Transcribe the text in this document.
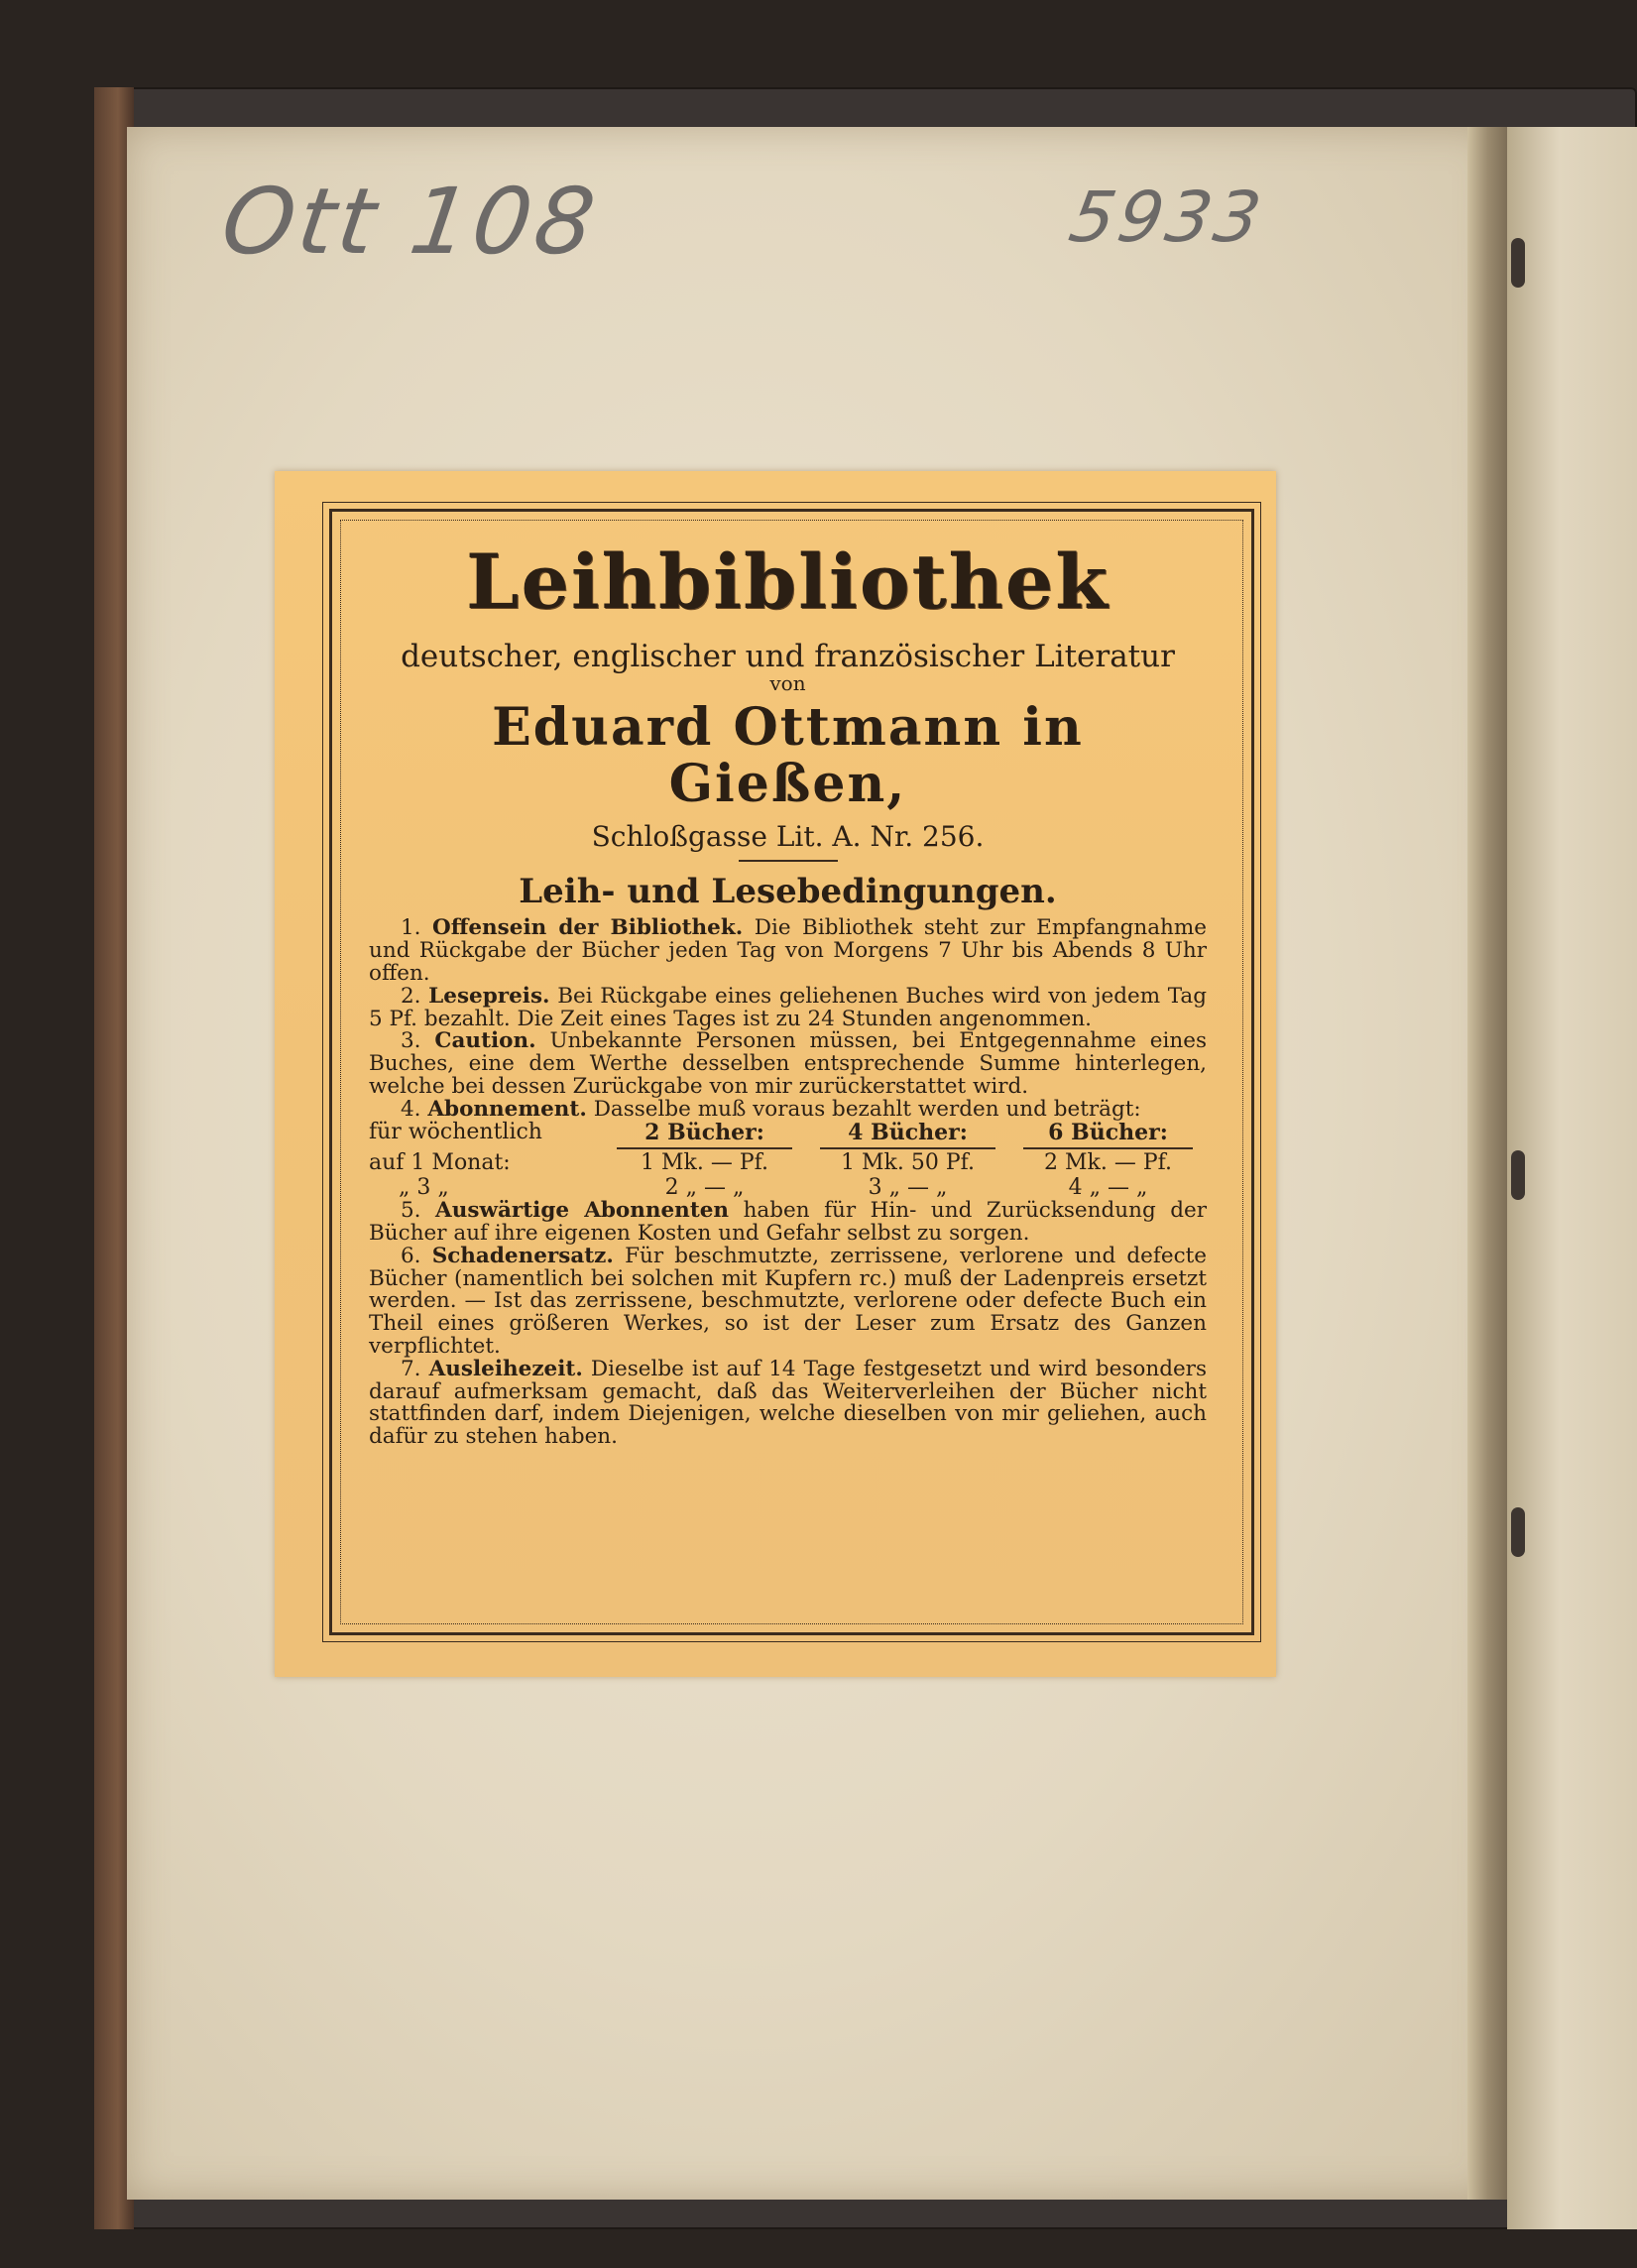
Ott 108	5933
Leihbibliothek

deutscher, englischer und französischer Literatur

von

Eduard Ottmann in Gießen,

Schloßgasse Lit. A. Nr. 256.

Leih- und Lesebedingungen.

1. Offensein der Bibliothek. Die Bibliothek steht zur Empfangnahme und Rückgabe der Bücher jeden Tag von Morgens 7 Uhr bis Abends 8 Uhr offen.

2. Lesepreis. Bei Rückgabe eines geliehenen Buches wird von jedem Tag 5 Pf. bezahlt. Die Zeit eines Tages ist zu 24 Stunden angenommen.

3. Caution. Unbekannte Personen müssen, bei Entgegennahme eines Buches, eine dem Werthe desselben entsprechende Summe hinterlegen, welche bei dessen Zurückgabe von mir zurückerstattet wird.

4. Abonnement. Dasselbe muß voraus bezahlt werden und beträgt:

für wöchentlich	2 Bücher:	4 Bücher:	6 Bücher:
auf 1 Monat:	1 Mk. — Pf.	1 Mk. 50 Pf.	2 Mk. — Pf.
„ 3 „	2 „ — „	3 „ — „	4 „ — „

5. Auswärtige Abonnenten haben für Hin- und Zurücksendung der Bücher auf ihre eigenen Kosten und Gefahr selbst zu sorgen.

6. Schadenersatz. Für beschmutzte, zerrissene, verlorene und defecte Bücher (namentlich bei solchen mit Kupfern rc.) muß der Ladenpreis ersetzt werden. — Ist das zerrissene, beschmutzte, verlorene oder defecte Buch ein Theil eines größeren Werkes, so ist der Leser zum Ersatz des Ganzen verpflichtet.

7. Ausleihezeit. Dieselbe ist auf 14 Tage festgesetzt und wird besonders darauf aufmerksam gemacht, daß das Weiterverleihen der Bücher nicht stattfinden darf, indem Diejenigen, welche dieselben von mir geliehen, auch dafür zu stehen haben.
